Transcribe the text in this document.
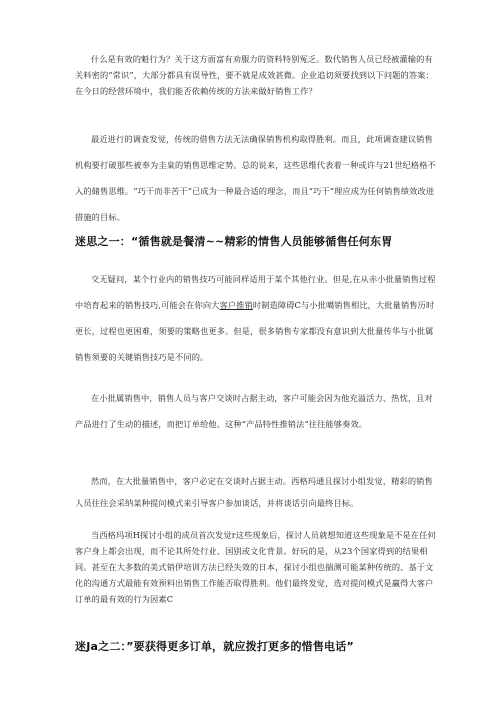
什么是有效的魁行为？关于这方面富有劝服力的资料特别冤乏。数代销售人员已经被灌输的有关料密的“常识”，大部分都具有误导性，要不就是成效甚微。企业追切须要找到以下问题的答案：在今日的经营环境中，我们能否依赖传统的方法来做好销售工作？
最近进行的调查发觉，传统的借售方法无法确保销售机构取得胜利。而且，此项调查建议销售机构要打破那些被奉为圭臬的销售思维定势。总的说来，这些思维代表着一种或许与21世纪格格不入的储售思维。“巧干而非苦干”已成为一种最合适的理念，而且“巧干”理应成为任何销售绩效改进措施的目标。
迷思之一：“循售就是餐清~~精彩的情售人员能够循售任何东胃
交无疑问，某个行业内的销售技巧可能同样适用于某个其他行业。但是,在从赤小批量销售过程中培育起来的销售技巧,可能会在你向大客户推销时制造障碍C与小批噶销售相比，大批量销售历时更长，过程也更困难，须要的策略也更多。但是，很多销售专家都没有意识到大批量传华与小批属销售须要的关键销售技巧是不同的。
在小批属销售中，销售人员与客户交谈时占据主动，客户可能会因为他充溢活力、热忱，且对产品进行了生动的描述，而把订单给他。这种“产品特性推销法”往往能够奏效。
然而，在大批量销售中，客户必定在交谈时占据主动。西格玛通且探讨小组发觉，精彩的销售人员往往会采纳某种提问模式来引导客户参加谈话，并将谈话引向最终目标。
当西格玛项H探讨小组的成员首次发觉r这些现象后，探讨人员就想知道这些现象是不是在任何客户身上都会出现，而不论其所处行业、国别或文化背景。好玩的是，从23个国家得到的结果相同。甚至在大多数的美式销伊培训方法已经失效的日本，探讨小组也揣测可能某种传统的、基于文化的沟通方式最能有效预料出销售工作能否取得胜利。他们最终发觉，选对提问模式是赢得大客户订单的最有效的行为因素C
迷Ja之二：”要获得更多订单，就应拨打更多的惜售电话”
